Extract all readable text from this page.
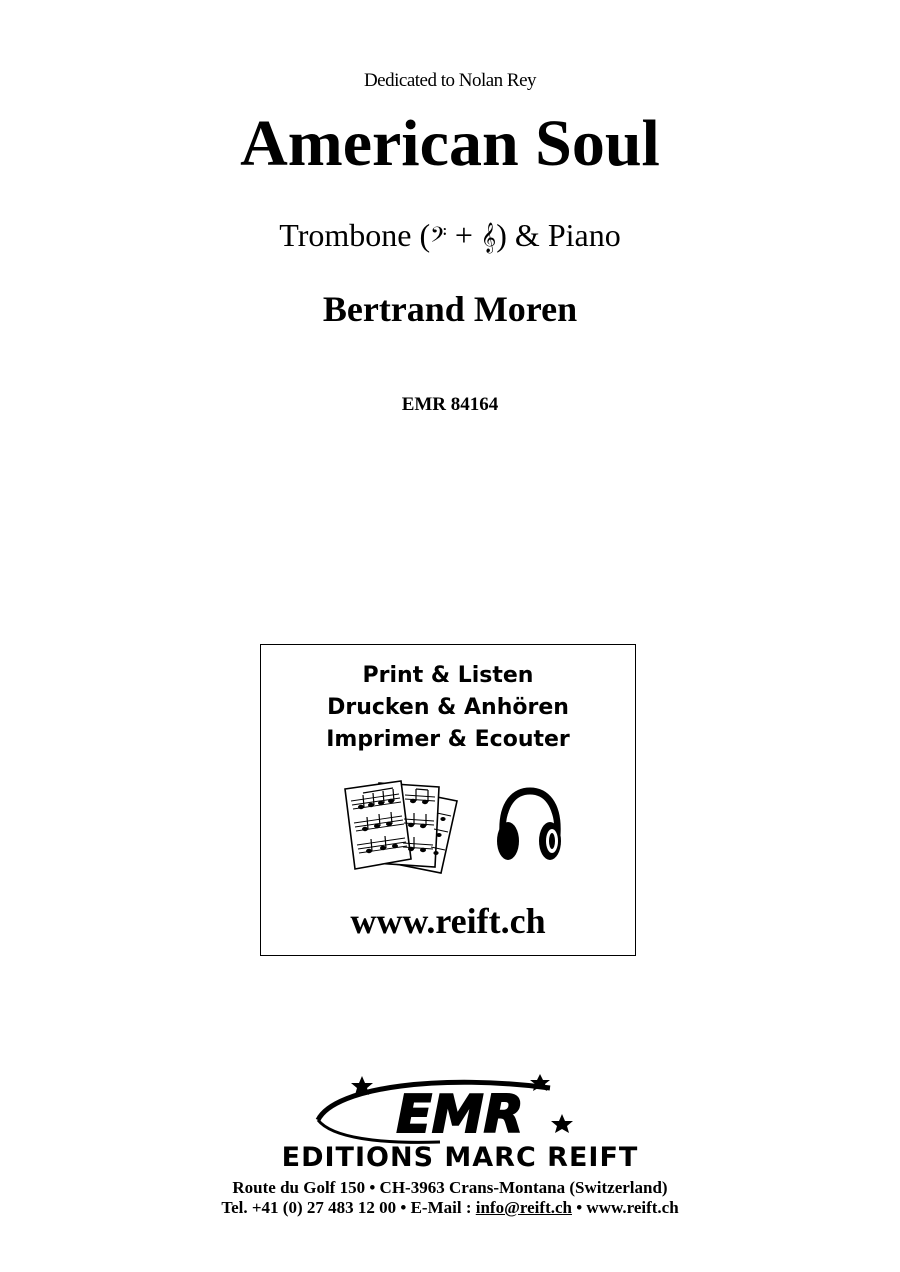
Dedicated to Nolan Rey
American Soul
Trombone (𝄢 + 𝄞) & Piano
Bertrand Moren
EMR 84164
Print & Listen
Drucken & Anhören
Imprimer & Ecouter
www.reift.ch
EMR
EDITIONS MARC REIFT
Route du Golf 150 • CH-3963 Crans-Montana (Switzerland)
Tel. +41 (0) 27 483 12 00 • E-Mail : info@reift.ch • www.reift.ch
